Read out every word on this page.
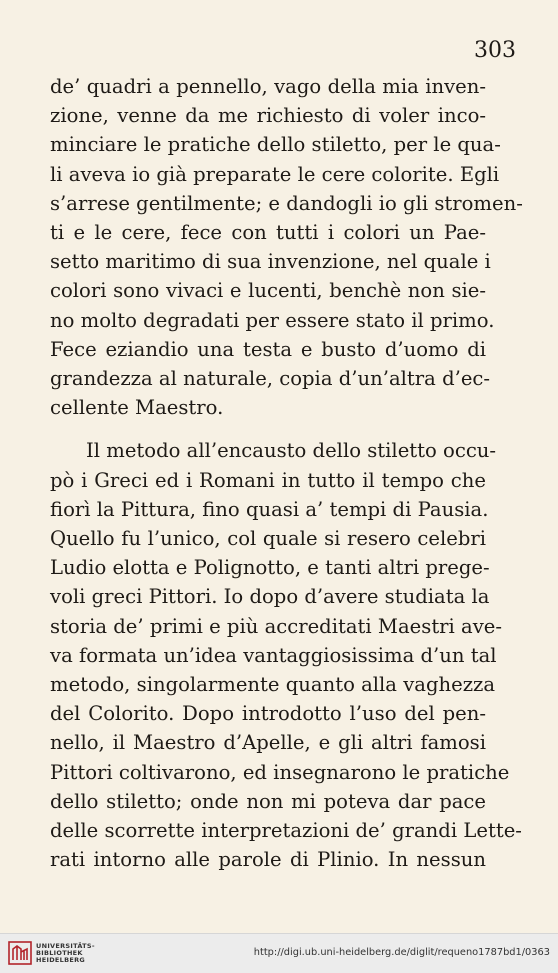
303

de’ quadri a pennello, vago della mia inven-
zione, venne da me richiesto di voler inco-
minciare le pratiche dello stiletto, per le qua-
li aveva io già preparate le cere colorite. Egli
s’arrese gentilmente; e dandogli io gli stromen-
ti e le cere, fece con tutti i colori un Pae-
setto maritimo di sua invenzione, nel quale i
colori sono vivaci e lucenti, benchè non sie-
no molto degradati per essere stato il primo.
Fece eziandio una testa e busto d’uomo di
grandezza al naturale, copia d’un’altra d’ec-
cellente Maestro.

Il metodo all’encausto dello stiletto occu-
pò i Greci ed i Romani in tutto il tempo che
fiorì la Pittura, fino quasi a’ tempi di Pausia.
Quello fu l’unico, col quale si resero celebri
Ludio elotta e Polignotto, e tanti altri prege-
voli greci Pittori. Io dopo d’avere studiata la
storia de’ primi e più accreditati Maestri ave-
va formata un’idea vantaggiosissima d’un tal
metodo, singolarmente quanto alla vaghezza
del Colorito. Dopo introdotto l’uso del pen-
nello, il Maestro d’Apelle, e gli altri famosi
Pittori coltivarono, ed insegnarono le pratiche
dello stiletto; onde non mi poteva dar pace
delle scorrette interpretazioni de’ grandi Lette-
rati intorno alle parole di Plinio. In nessun

UNIVERSITÄTS-
BIBLIOTHEK
HEIDELBERG
http://digi.ub.uni-heidelberg.de/diglit/requeno1787bd1/0363
